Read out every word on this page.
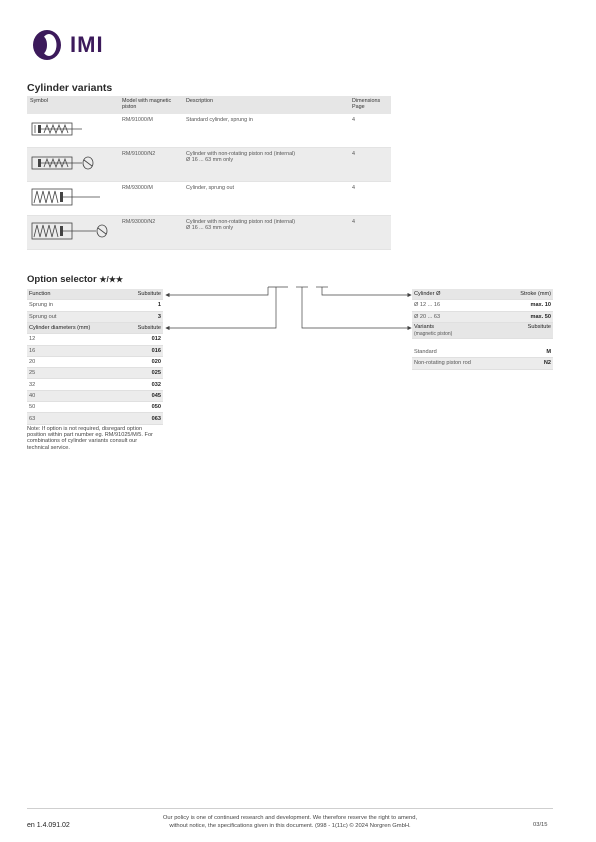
IMI
Cylinder variants
Symbol	Model with magnetic piston	Description	Dimensions Page

	RM/91000/M	Standard cylinder, sprung in	4

	RM/91000/N2	Cylinder with non-rotating piston rod (internal)
Ø 16 ... 63 mm only	4

	RM/93000/M	Cylinder, sprung out	4

	RM/93000/N2	Cylinder with non-rotating piston rod (internal)
Ø 16 ... 63 mm only	4
Option selector ★/★★
Function	Subsitute
Sprung in	1
Sprung out	3
Cylinder diameters (mm)	Subsitute
12	012
16	016
20	020
25	025
32	032
40	045
50	050
63	063
Note: If option is not required, disregard option position within part number eg. RM/91025/M/5. For combinations of cylinder variants consult our technical service.
Cylinder Ø	Stroke (mm)
Ø 12 ... 16	max. 10
Ø 20 ... 63	max. 50
Variants
(magnetic piston)	Subsitute

Standard	M
Non-rotating piston rod	N2
en 1.4.091.02
Our policy is one of continued research and development. We therefore reserve the right to amend,
without notice, the specifications given in this document. (998 - 1(11c) © 2024 Norgren GmbH.	03/15
